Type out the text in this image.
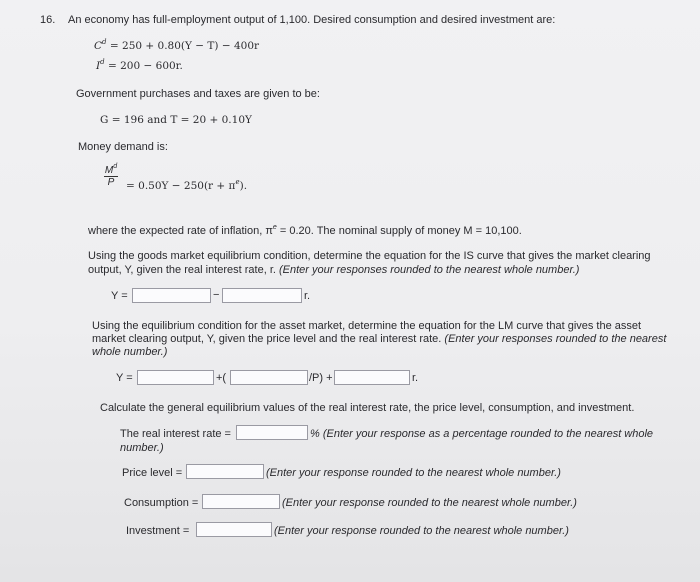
16. An economy has full-employment output of 1,100. Desired consumption and desired investment are:
$C^d = 250 + 0.80(Y - T) - 400r$
$I^d = 200 - 600r$.
Government purchases and taxes are given to be:
G = 196 and T = 20 + 0.10Y
Money demand is:
$M^d$
P	= $0.50Y - 250(r + \pi^e)$.
where the expected rate of inflation, $\pi^e = 0.20$. The nominal supply of money M = 10,100.
Using the goods market equilibrium condition, determine the equation for the IS curve that gives the market clearing
output, Y, given the real interest rate, r. (Enter your responses rounded to the nearest whole number.)
Y =	−	r.
Using the equilibrium condition for the asset market, determine the equation for the LM curve that gives the asset
market clearing output, Y, given the price level and the real interest rate. (Enter your responses rounded to the nearest
whole number.)
Y =	+(	/P) +	r.
Calculate the general equilibrium values of the real interest rate, the price level, consumption, and investment.
The real interest rate =	% (Enter your response as a percentage rounded to the nearest whole
number.)
Price level =	(Enter your response rounded to the nearest whole number.)
Consumption =	(Enter your response rounded to the nearest whole number.)
Investment =	(Enter your response rounded to the nearest whole number.)
